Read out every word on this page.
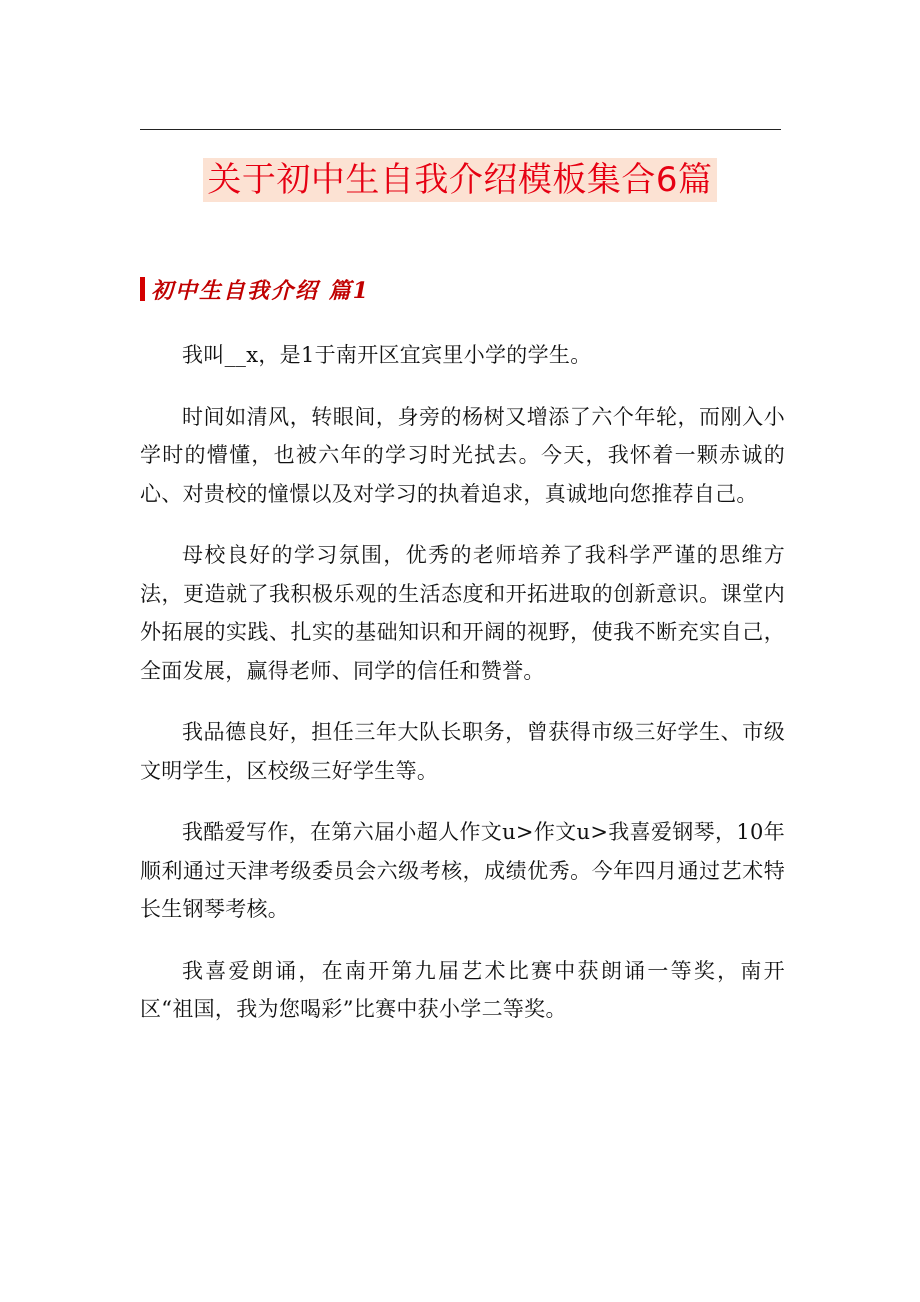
关于初中生自我介绍模板集合6篇
初中生自我介绍 篇1

我叫__x，是1于南开区宜宾里小学的学生。

时间如清风，转眼间，身旁的杨树又增添了六个年轮，而刚入小学时的懵懂，也被六年的学习时光拭去。今天，我怀着一颗赤诚的心、对贵校的憧憬以及对学习的执着追求，真诚地向您推荐自己。

母校良好的学习氛围，优秀的老师培养了我科学严谨的思维方法，更造就了我积极乐观的生活态度和开拓进取的创新意识。课堂内外拓展的实践、扎实的基础知识和开阔的视野，使我不断充实自己，全面发展，赢得老师、同学的信任和赞誉。

我品德良好，担任三年大队长职务，曾获得市级三好学生、市级文明学生，区校级三好学生等。

我酷爱写作，在第六届小超人作文u>作文u>我喜爱钢琴，10年顺利通过天津考级委员会六级考核，成绩优秀。今年四月通过艺术特长生钢琴考核。

我喜爱朗诵，在南开第九届艺术比赛中获朗诵一等奖，南开区“祖国，我为您喝彩”比赛中获小学二等奖。
